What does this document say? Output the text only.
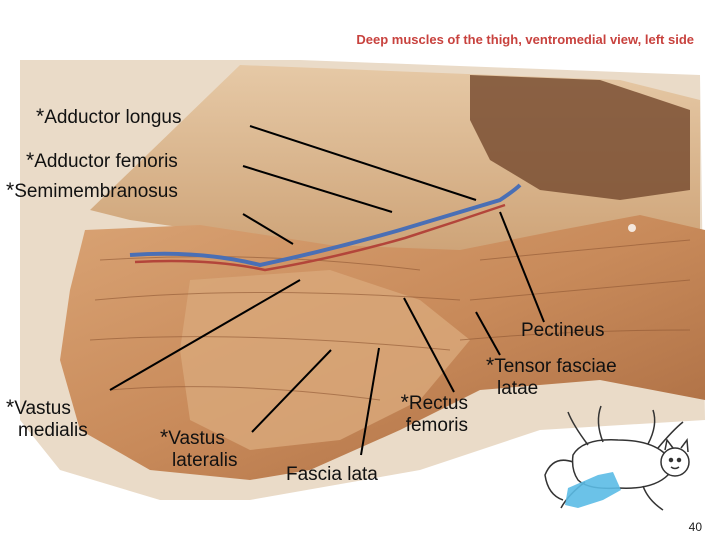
Deep muscles of the thigh, ventromedial view, left side
*Adductor longus
*Adductor femoris
*Semimembranosus
Pectineus
*Tensor fasciae
latae
*Rectus
femoris
*Vastus
medialis	*Vastus
lateralis
Fascia lata
40
